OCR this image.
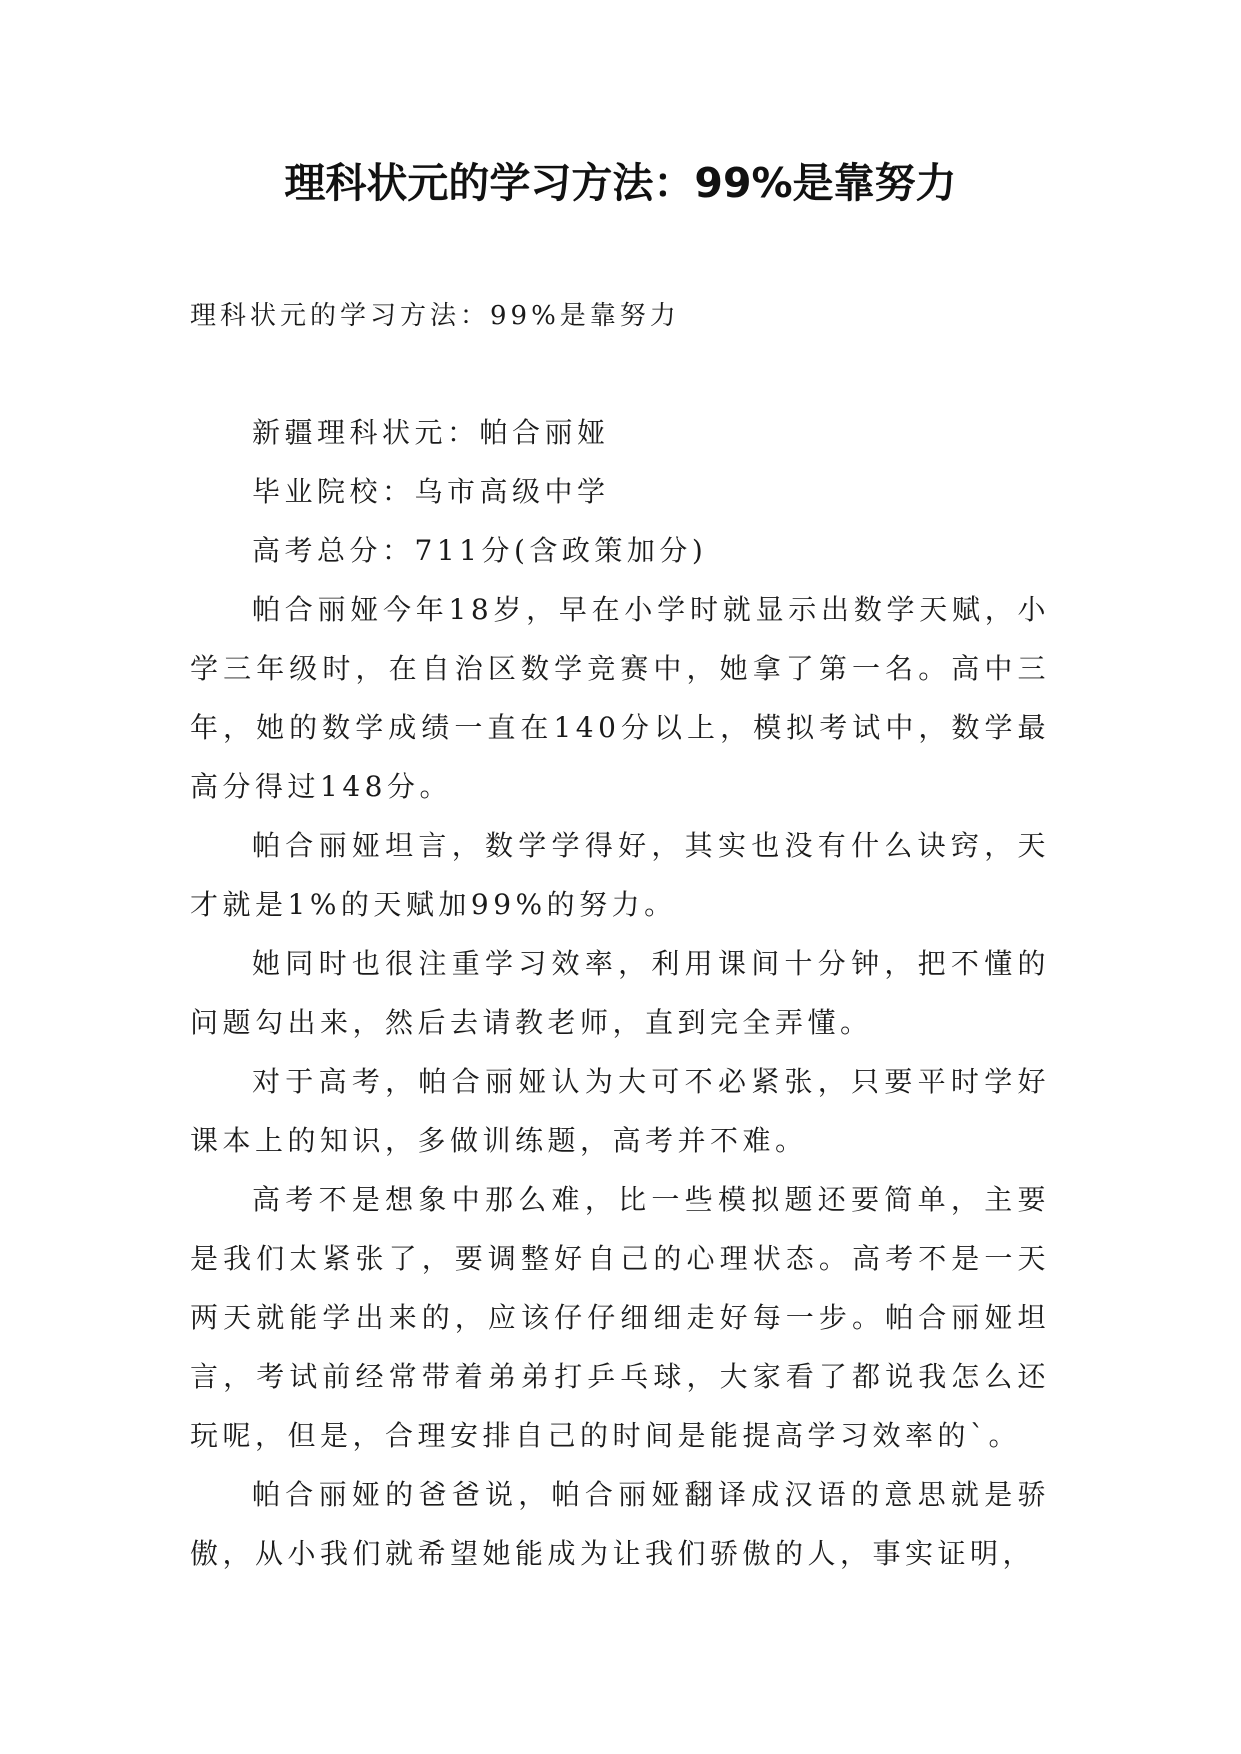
理科状元的学习方法：99%是靠努力

理科状元的学习方法：99%是靠努力

新疆理科状元：帕合丽娅

毕业院校：乌市高级中学

高考总分：711分(含政策加分)

帕合丽娅今年18岁，早在小学时就显示出数学天赋，小学三年级时，在自治区数学竞赛中，她拿了第一名。高中三年，她的数学成绩一直在140分以上，模拟考试中，数学最高分得过148分。

帕合丽娅坦言，数学学得好，其实也没有什么诀窍，天才就是1%的天赋加99%的努力。

她同时也很注重学习效率，利用课间十分钟，把不懂的问题勾出来，然后去请教老师，直到完全弄懂。

对于高考，帕合丽娅认为大可不必紧张，只要平时学好课本上的知识，多做训练题，高考并不难。

高考不是想象中那么难，比一些模拟题还要简单，主要是我们太紧张了，要调整好自己的心理状态。高考不是一天两天就能学出来的，应该仔仔细细走好每一步。帕合丽娅坦言，考试前经常带着弟弟打乒乓球，大家看了都说我怎么还玩呢，但是，合理安排自己的时间是能提高学习效率的`。

帕合丽娅的爸爸说，帕合丽娅翻译成汉语的意思就是骄傲，从小我们就希望她能成为让我们骄傲的人，事实证明，
